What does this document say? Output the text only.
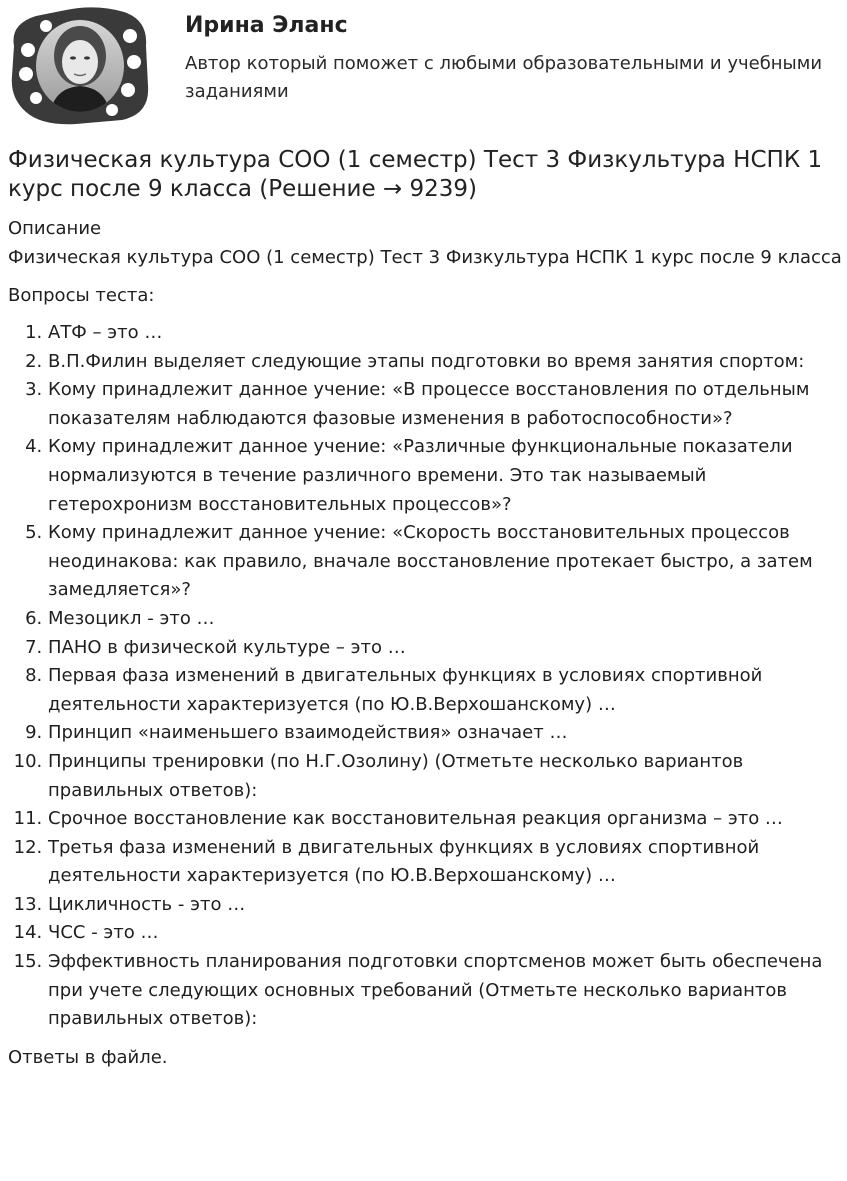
Ирина Эланс
Автор который поможет с любыми образовательными и учебными заданиями
Физическая культура СОО (1 семестр) Тест 3 Физкультура НСПК 1 курс после 9 класса (Решение → 9239)
Описание
Физическая культура СОО (1 семестр) Тест 3 Физкультура НСПК 1 курс после 9 класса
Вопросы теста:
1. АТФ – это …
2. В.П.Филин выделяет следующие этапы подготовки во время занятия спортом:
3. Кому принадлежит данное учение: «В процессе восстановления по отдельным показателям наблюдаются фазовые изменения в работоспособности»?
4. Кому принадлежит данное учение: «Различные функциональные показатели нормализуются в течение различного времени. Это так называемый гетерохронизм восстановительных процессов»?
5. Кому принадлежит данное учение: «Скорость восстановительных процессов неодинакова: как правило, вначале восстановление протекает быстро, а затем замедляется»?
6. Мезоцикл - это …
7. ПАНО в физической культуре – это …
8. Первая фаза изменений в двигательных функциях в условиях спортивной деятельности характеризуется (по Ю.В.Верхошанскому) …
9. Принцип «наименьшего взаимодействия» означает …
10. Принципы тренировки (по Н.Г.Озолину) (Отметьте несколько вариантов правильных ответов):
11. Срочное восстановление как восстановительная реакция организма – это …
12. Третья фаза изменений в двигательных функциях в условиях спортивной деятельности характеризуется (по Ю.В.Верхошанскому) …
13. Цикличность - это …
14. ЧСС - это …
15. Эффективность планирования подготовки спортсменов может быть обеспечена при учете следующих основных требований (Отметьте несколько вариантов правильных ответов):
Ответы в файле.
